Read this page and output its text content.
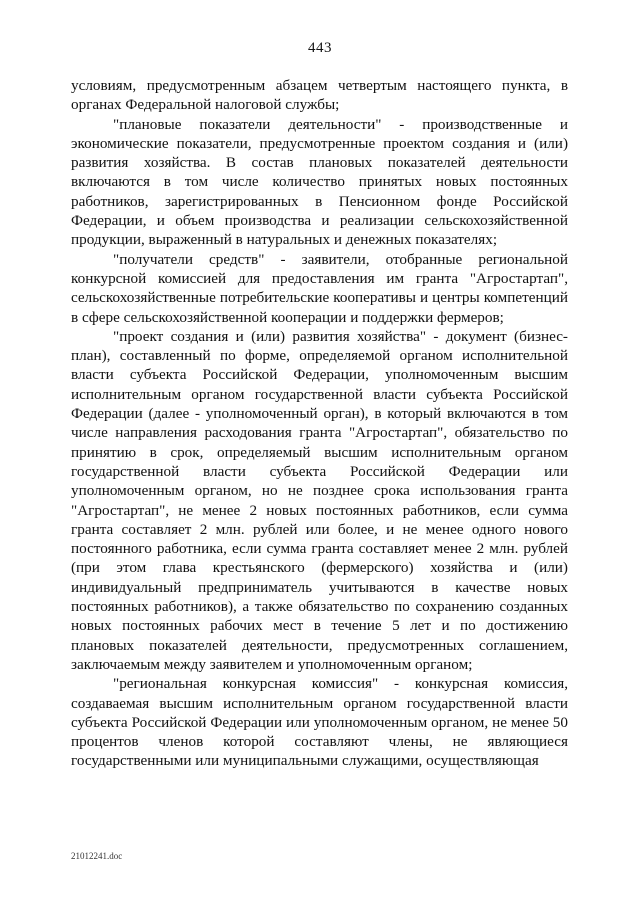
443

условиям, предусмотренным абзацем четвертым настоящего пункта, в органах Федеральной налоговой службы;

"плановые показатели деятельности" - производственные и экономические показатели, предусмотренные проектом создания и (или) развития хозяйства. В состав плановых показателей деятельности включаются в том числе количество принятых новых постоянных работников, зарегистрированных в Пенсионном фонде Российской Федерации, и объем производства и реализации сельскохозяйственной продукции, выраженный в натуральных и денежных показателях;

"получатели средств" - заявители, отобранные региональной конкурсной комиссией для предоставления им гранта "Агростартап", сельскохозяйственные потребительские кооперативы и центры компетенций в сфере сельскохозяйственной кооперации и поддержки фермеров;

"проект создания и (или) развития хозяйства" - документ (бизнес-план), составленный по форме, определяемой органом исполнительной власти субъекта Российской Федерации, уполномоченным высшим исполнительным органом государственной власти субъекта Российской Федерации (далее - уполномоченный орган), в который включаются в том числе направления расходования гранта "Агростартап", обязательство по принятию в срок, определяемый высшим исполнительным органом государственной власти субъекта Российской Федерации или уполномоченным органом, но не позднее срока использования гранта "Агростартап", не менее 2 новых постоянных работников, если сумма гранта составляет 2 млн. рублей или более, и не менее одного нового постоянного работника, если сумма гранта составляет менее 2 млн. рублей (при этом глава крестьянского (фермерского) хозяйства и (или) индивидуальный предприниматель учитываются в качестве новых постоянных работников), а также обязательство по сохранению созданных новых постоянных рабочих мест в течение 5 лет и по достижению плановых показателей деятельности, предусмотренных соглашением, заключаемым между заявителем и уполномоченным органом;

"региональная конкурсная комиссия" - конкурсная комиссия, создаваемая высшим исполнительным органом государственной власти субъекта Российской Федерации или уполномоченным органом, не менее 50 процентов членов которой составляют члены, не являющиеся государственными или муниципальными служащими, осуществляющая

21012241.doc
